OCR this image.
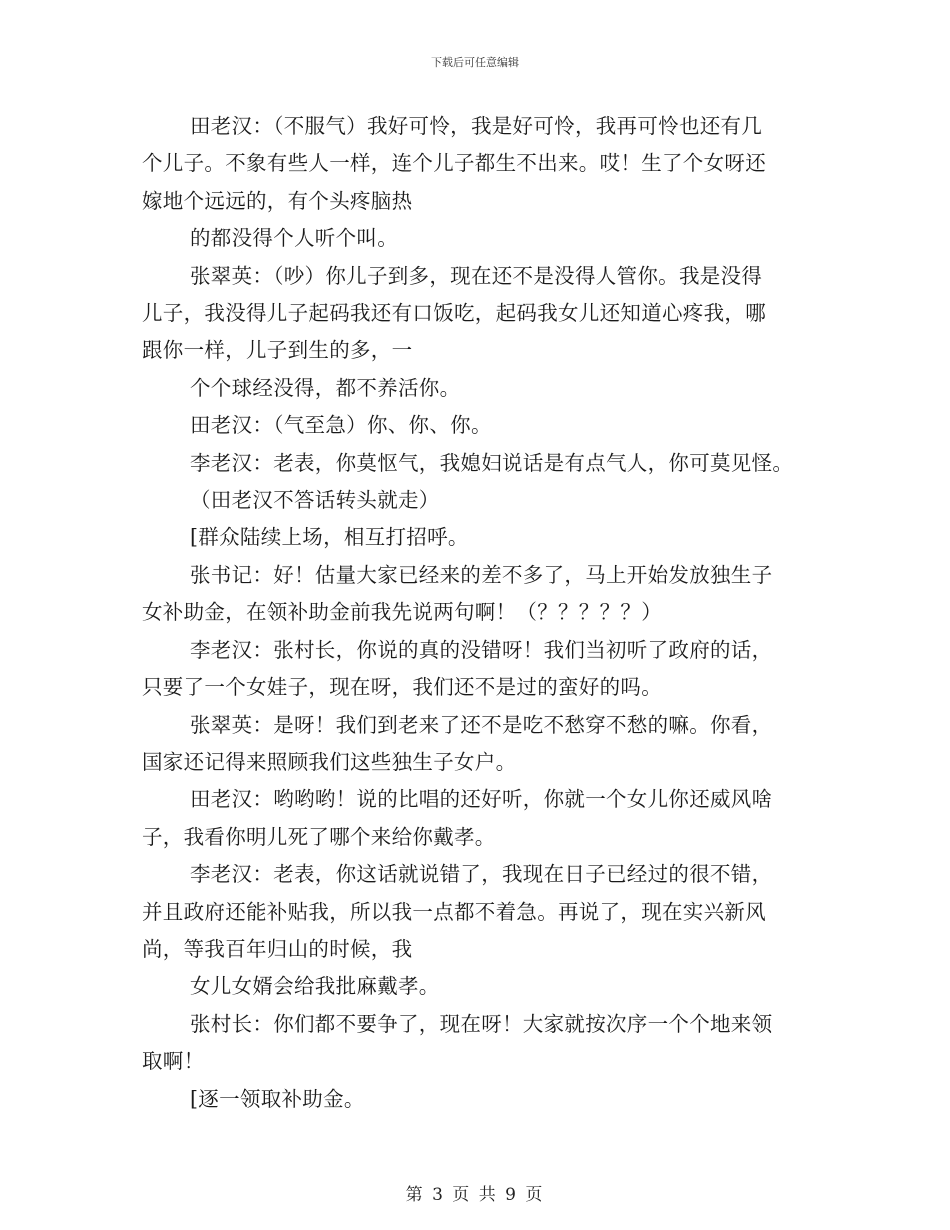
下载后可任意编辑
田老汉：（不服气）我好可怜，我是好可怜，我再可怜也还有几
个儿子。不象有些人一样，连个儿子都生不出来。哎！生了个女呀还
嫁地个远远的，有个头疼脑热
的都没得个人听个叫。
张翠英：（吵）你儿子到多，现在还不是没得人管你。我是没得
儿子，我没得儿子起码我还有口饭吃，起码我女儿还知道心疼我，哪
跟你一样，儿子到生的多，一
个个球经没得，都不养活你。
田老汉：（气至急）你、你、你。
李老汉：老表，你莫怄气，我媳妇说话是有点气人，你可莫见怪。
（田老汉不答话转头就走）
[群众陆续上场，相互打招呼。
张书记：好！估量大家已经来的差不多了，马上开始发放独生子
女补助金，在领补助金前我先说两句啊！（？？？？？）
李老汉：张村长，你说的真的没错呀！我们当初听了政府的话，
只要了一个女娃子，现在呀，我们还不是过的蛮好的吗。
张翠英：是呀！我们到老来了还不是吃不愁穿不愁的嘛。你看，
国家还记得来照顾我们这些独生子女户。
田老汉：哟哟哟！说的比唱的还好听，你就一个女儿你还威风啥
子，我看你明儿死了哪个来给你戴孝。
李老汉：老表，你这话就说错了，我现在日子已经过的很不错，
并且政府还能补贴我，所以我一点都不着急。再说了，现在实兴新风
尚，等我百年归山的时候，我
女儿女婿会给我批麻戴孝。
张村长：你们都不要争了，现在呀！大家就按次序一个个地来领
取啊！
[逐一领取补助金。
第 3 页 共 9 页
